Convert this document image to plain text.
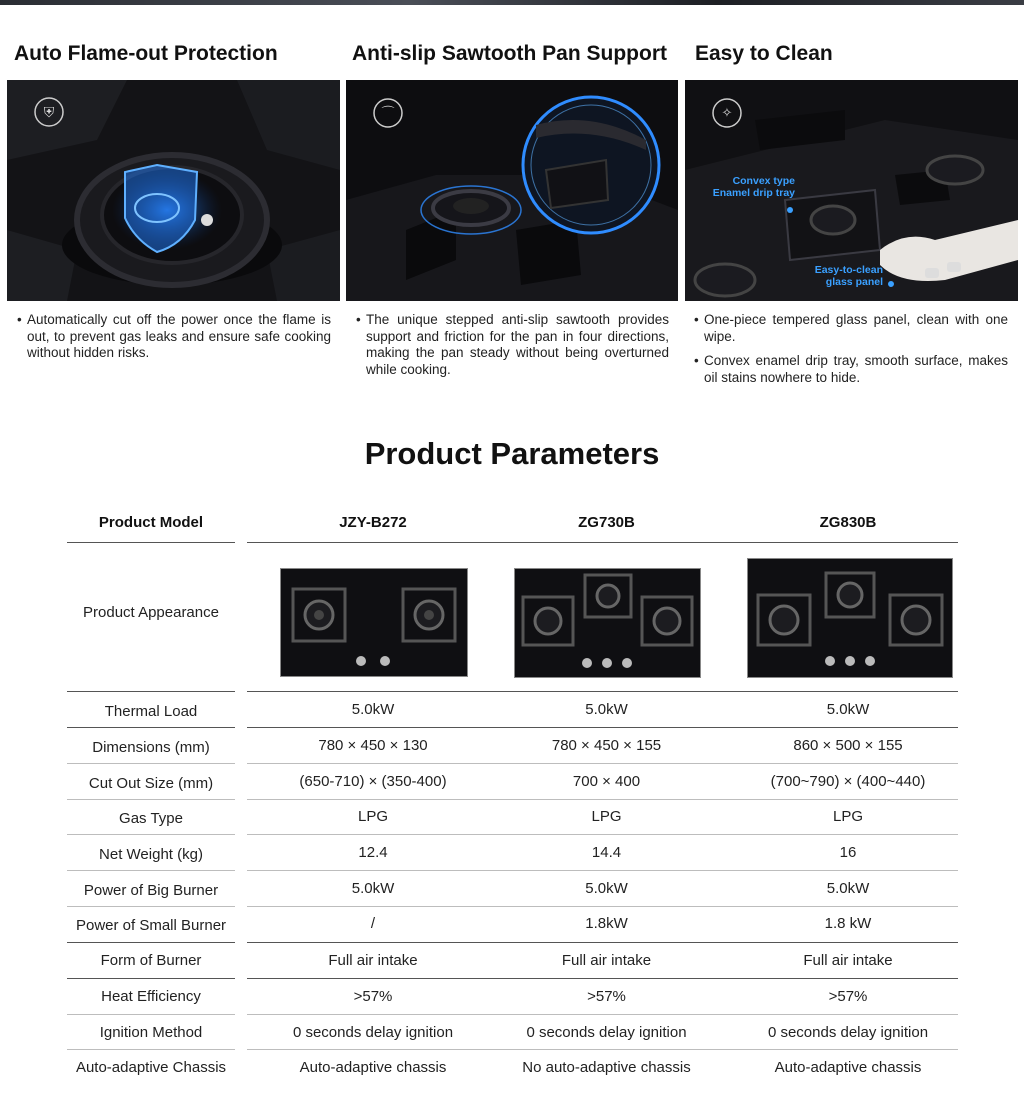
Auto Flame-out Protection
⛨

• Automatically cut off the power once the flame is out, to prevent gas leaks and ensure safe cooking without hidden risks.

Anti-slip Sawtooth Pan Support
⌒

• The unique stepped anti-slip sawtooth provides support and friction for the pan in four directions, making the pan steady without being overturned while cooking.

Easy to Clean
✧
Convex type
Enamel drip tray
Easy-to-clean
glass panel

• One-piece tempered glass panel, clean with one wipe.

• Convex enamel drip tray, smooth surface, makes oil stains nowhere to hide.

Product Parameters
Product Model	JZY-B272	ZG730B	ZG830B
Product Appearance
Thermal Load	5.0kW	5.0kW	5.0kW
Dimensions (mm)	780 × 450 × 130	780 × 450 × 155	860 × 500 × 155
Cut Out Size (mm)	(650-710) × (350-400)	700 × 400	(700~790) × (400~440)
Gas Type	LPG	LPG	LPG
Net Weight (kg)	12.4	14.4	16
Power of Big Burner	5.0kW	5.0kW	5.0kW
Power of Small Burner	/	1.8kW	1.8 kW
Form of Burner	Full air intake	Full air intake	Full air intake
Heat Efficiency	>57%	>57%	>57%
Ignition Method	0 seconds delay ignition	0 seconds delay ignition	0 seconds delay ignition
Auto-adaptive Chassis	Auto-adaptive chassis	No auto-adaptive chassis	Auto-adaptive chassis
